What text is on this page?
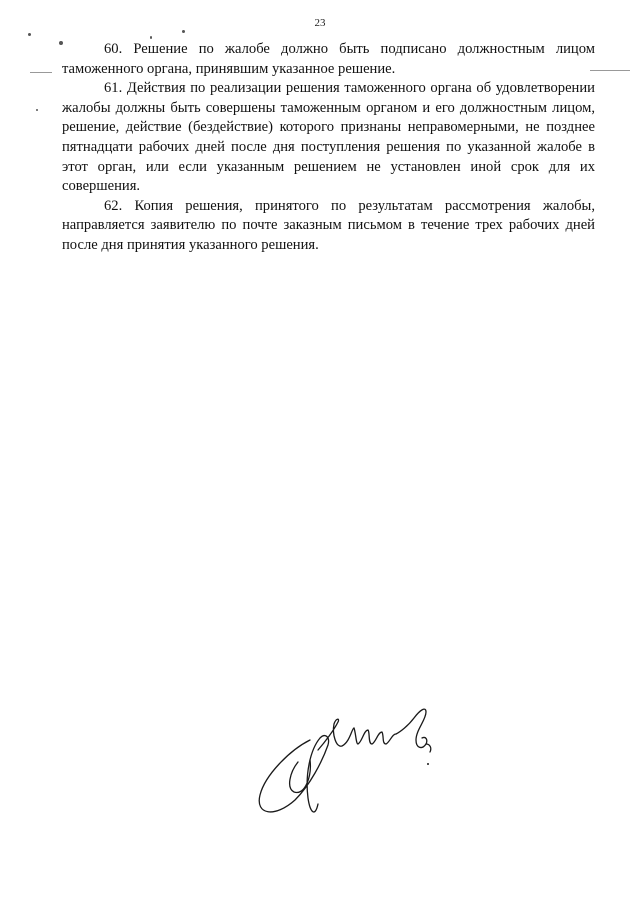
23

60. Решение по жалобе должно быть подписано должностным лицом таможенного органа, принявшим указанное решение.

61. Действия по реализации решения таможенного органа об удовлетворении жалобы должны быть совершены таможенным органом и его должностным лицом, решение, действие (бездействие) которого признаны неправомерными, не позднее пятнадцати рабочих дней после дня поступления решения по указанной жалобе в этот орган, или если указанным решением не установлен иной срок для их совершения.

62. Копия решения, принятого по результатам рассмотрения жалобы, направляется заявителю по почте заказным письмом в течение трех рабочих дней после дня принятия указанного решения.
